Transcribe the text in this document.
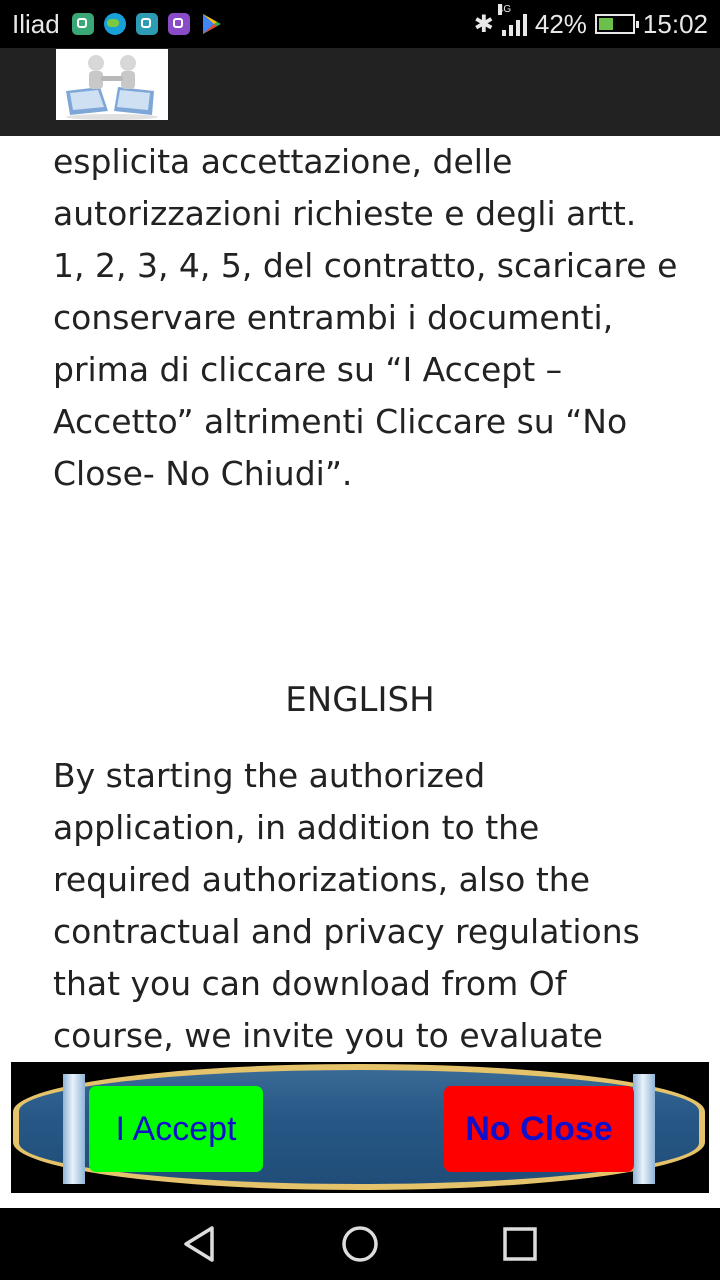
Iliad	✱
4G 42% 15:02

esplicita accettazione, delle autorizzazioni richieste e degli artt. 1, 2, 3, 4, 5, del contratto, scaricare e conservare entrambi i documenti, prima di cliccare su “I Accept – Accetto” altrimenti Cliccare su “No Close- No Chiudi”.

ENGLISH

By starting the authorized application, in addition to the required authorizations, also the contractual and privacy regulations that you can download from Of course, we invite you to evaluate

I Accept	No Close
